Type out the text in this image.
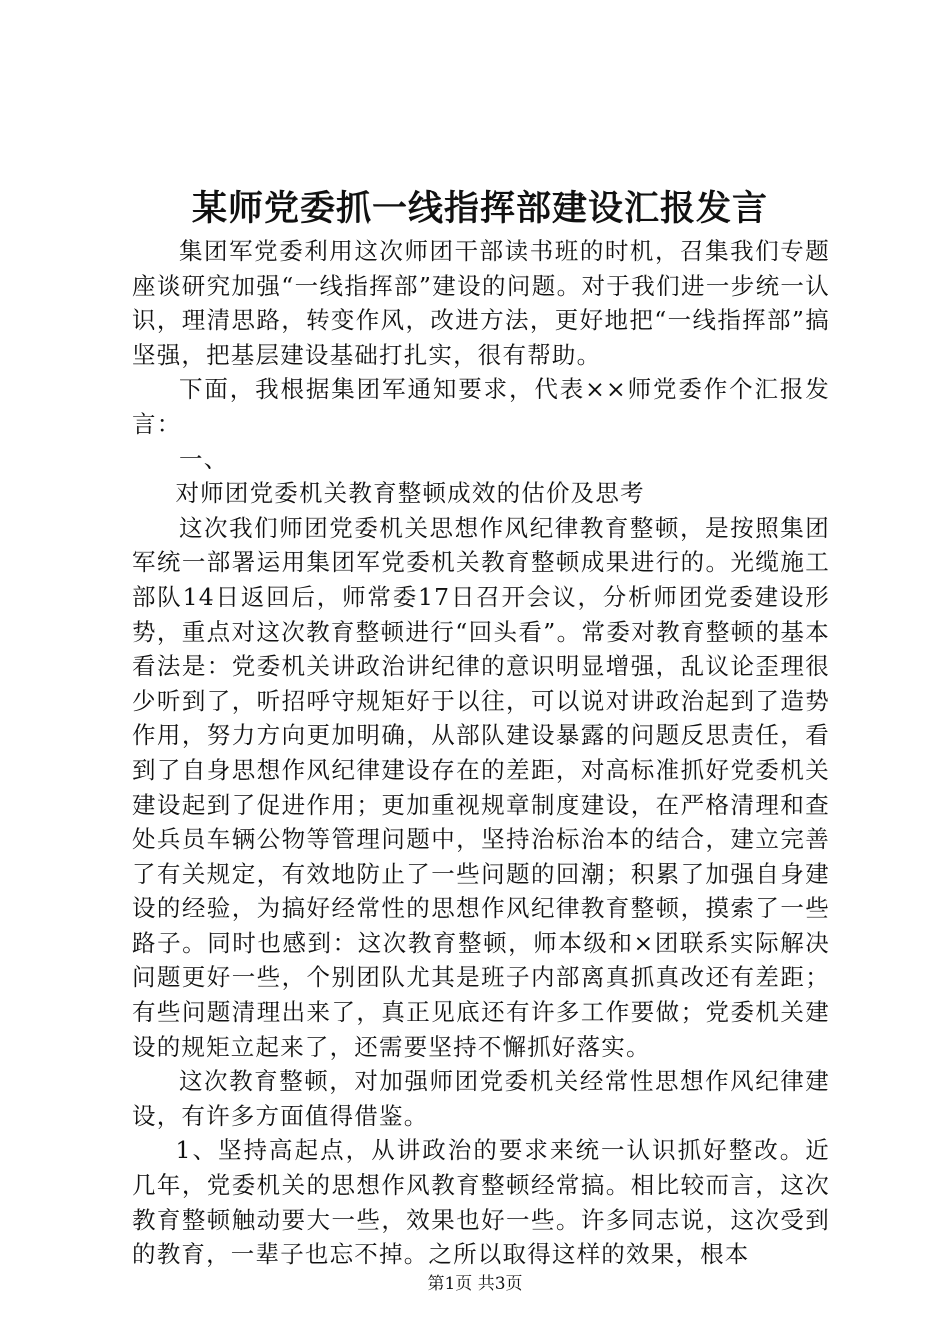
某师党委抓一线指挥部建设汇报发言

集团军党委利用这次师团干部读书班的时机，召集我们专题座谈研究加强“一线指挥部”建设的问题。对于我们进一步统一认识，理清思路，转变作风，改进方法，更好地把“一线指挥部”搞坚强，把基层建设基础打扎实，很有帮助。

下面，我根据集团军通知要求，代表××师党委作个汇报发言：

一、

对师团党委机关教育整顿成效的估价及思考

这次我们师团党委机关思想作风纪律教育整顿，是按照集团军统一部署运用集团军党委机关教育整顿成果进行的。光缆施工部队14日返回后，师常委17日召开会议，分析师团党委建设形势，重点对这次教育整顿进行“回头看”。常委对教育整顿的基本看法是：党委机关讲政治讲纪律的意识明显增强，乱议论歪理很少听到了，听招呼守规矩好于以往，可以说对讲政治起到了造势作用，努力方向更加明确，从部队建设暴露的问题反思责任，看到了自身思想作风纪律建设存在的差距，对高标准抓好党委机关建设起到了促进作用；更加重视规章制度建设，在严格清理和查处兵员车辆公物等管理问题中，坚持治标治本的结合，建立完善了有关规定，有效地防止了一些问题的回潮；积累了加强自身建设的经验，为搞好经常性的思想作风纪律教育整顿，摸索了一些路子。同时也感到：这次教育整顿，师本级和×团联系实际解决问题更好一些，个别团队尤其是班子内部离真抓真改还有差距；有些问题清理出来了，真正见底还有许多工作要做；党委机关建设的规矩立起来了，还需要坚持不懈抓好落实。

这次教育整顿，对加强师团党委机关经常性思想作风纪律建设，有许多方面值得借鉴。

1、坚持高起点，从讲政治的要求来统一认识抓好整改。近几年，党委机关的思想作风教育整顿经常搞。相比较而言，这次教育整顿触动要大一些，效果也好一些。许多同志说，这次受到的教育，一辈子也忘不掉。之所以取得这样的效果，根本

第1页 共3页
